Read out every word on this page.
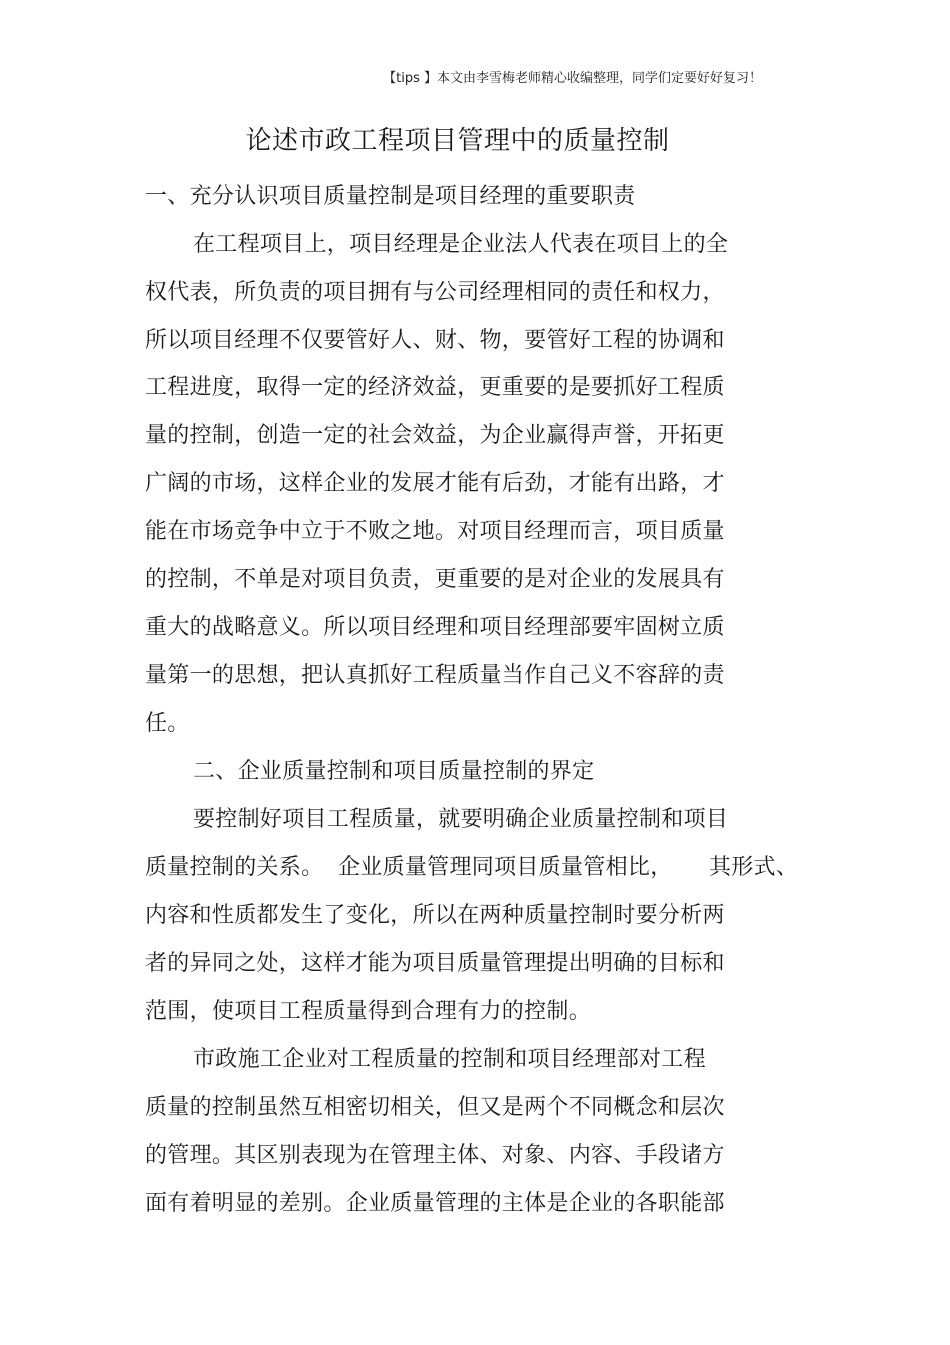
【tips 】本文由李雪梅老师精心收编整理，同学们定要好好复习！
论述市政工程项目管理中的质量控制
一、充分认识项目质量控制是项目经理的重要职责
在工程项目上，项目经理是企业法人代表在项目上的全
权代表，所负责的项目拥有与公司经理相同的责任和权力，
所以项目经理不仅要管好人、财、物，要管好工程的协调和
工程进度，取得一定的经济效益，更重要的是要抓好工程质
量的控制，创造一定的社会效益，为企业赢得声誉，开拓更
广阔的市场，这样企业的发展才能有后劲，才能有出路，才
能在市场竞争中立于不败之地。对项目经理而言，项目质量
的控制，不单是对项目负责，更重要的是对企业的发展具有
重大的战略意义。所以项目经理和项目经理部要牢固树立质
量第一的思想，把认真抓好工程质量当作自己义不容辞的责
任。
二、企业质量控制和项目质量控制的界定
要控制好项目工程质量，就要明确企业质量控制和项目
质量控制的关系。  企业质量管理同项目质量管相比，     其形式、
内容和性质都发生了变化，所以在两种质量控制时要分析两
者的异同之处，这样才能为项目质量管理提出明确的目标和
范围，使项目工程质量得到合理有力的控制。
市政施工企业对工程质量的控制和项目经理部对工程
质量的控制虽然互相密切相关，但又是两个不同概念和层次
的管理。其区别表现为在管理主体、对象、内容、手段诸方
面有着明显的差别。企业质量管理的主体是企业的各职能部
